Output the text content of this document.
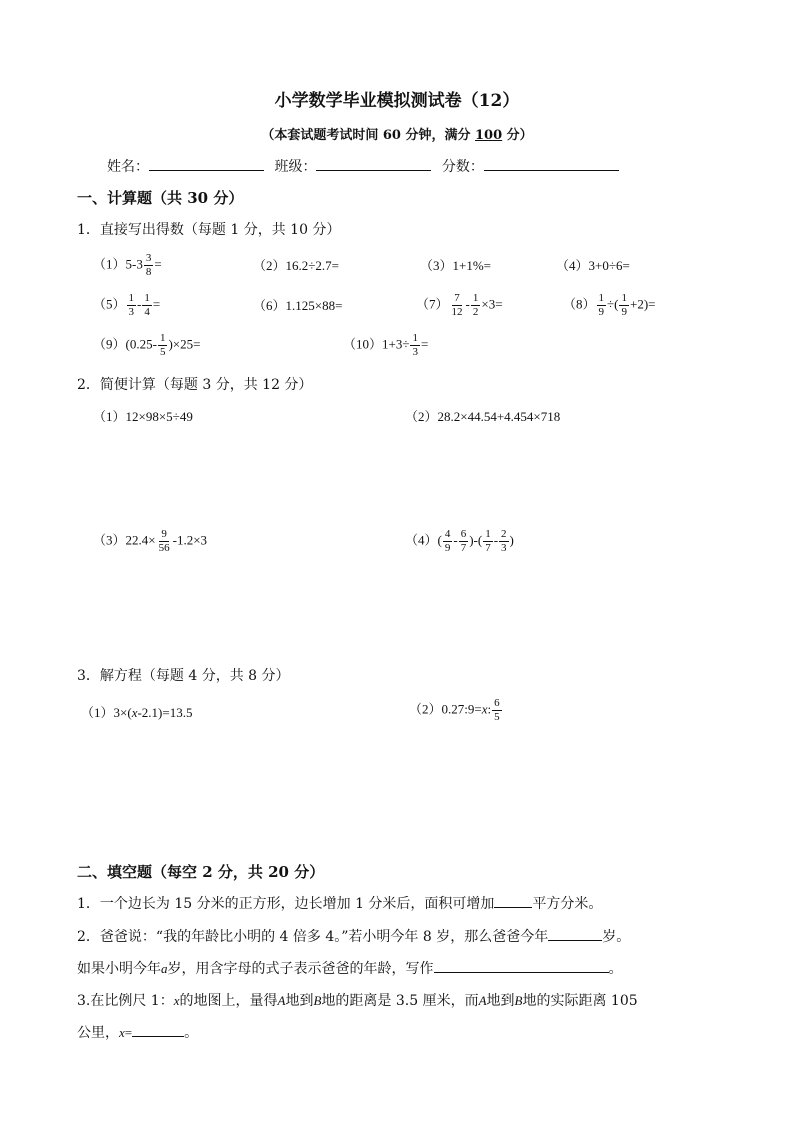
小学数学毕业模拟测试卷（12）
（本套试题考试时间 60 分钟，满分 100 分）
姓名：	班级：	分数：
一、计算题（共 30 分）
1．直接写出得数（每题 1 分，共 10 分）
$(1)5-3 \frac{3}{8}$ =	（2）16.2÷2.7=	（3）1+1%=	（4）3+0÷6=
$(5) \frac{1}{3} - \frac{1}{4}$ =	（6）1.125×88=	$(7) \frac{7}{12} - \frac{1}{2} \times 3=$	$(8) \frac{1}{9}$ ÷( $\frac{1}{9} +2)=$
$(9)(0.25- \frac{1}{5} )\times 25=$	$(10)1+3\div \frac{1}{3}$ =
2．简便计算（每题 3 分，共 12 分）
（1）12×98×5÷49	（2）28.2×44.54+4.454×718
$(3)22.4\times \frac{9}{56} -1.2\times 3$	$(4)( \frac{4}{9} - \frac{6}{7}$ )-( $\frac{1}{7} - \frac{2}{3}$ )
3．解方程（每题 4 分，共 8 分）
（1）3×(x-2.1)=13.5	（2）0.27:9=x: $\frac{6}{5}$
二、填空题（每空 2 分，共 20 分）
1．一个边长为 15 分米的正方形，边长增加 1 分米后，面积可增加	平方分米。
2．爸爸说：“我的年龄比小明的 4 倍多 4。”若小明今年 8 岁，那么爸爸今年	岁。
如果小明今年a岁，用含字母的式子表示爸爸的年龄，写作	。
3.在比例尺 1：x的地图上，量得A地到B地的距离是 3.5 厘米，而A地到B地的实际距离 105
公里，x=	。
